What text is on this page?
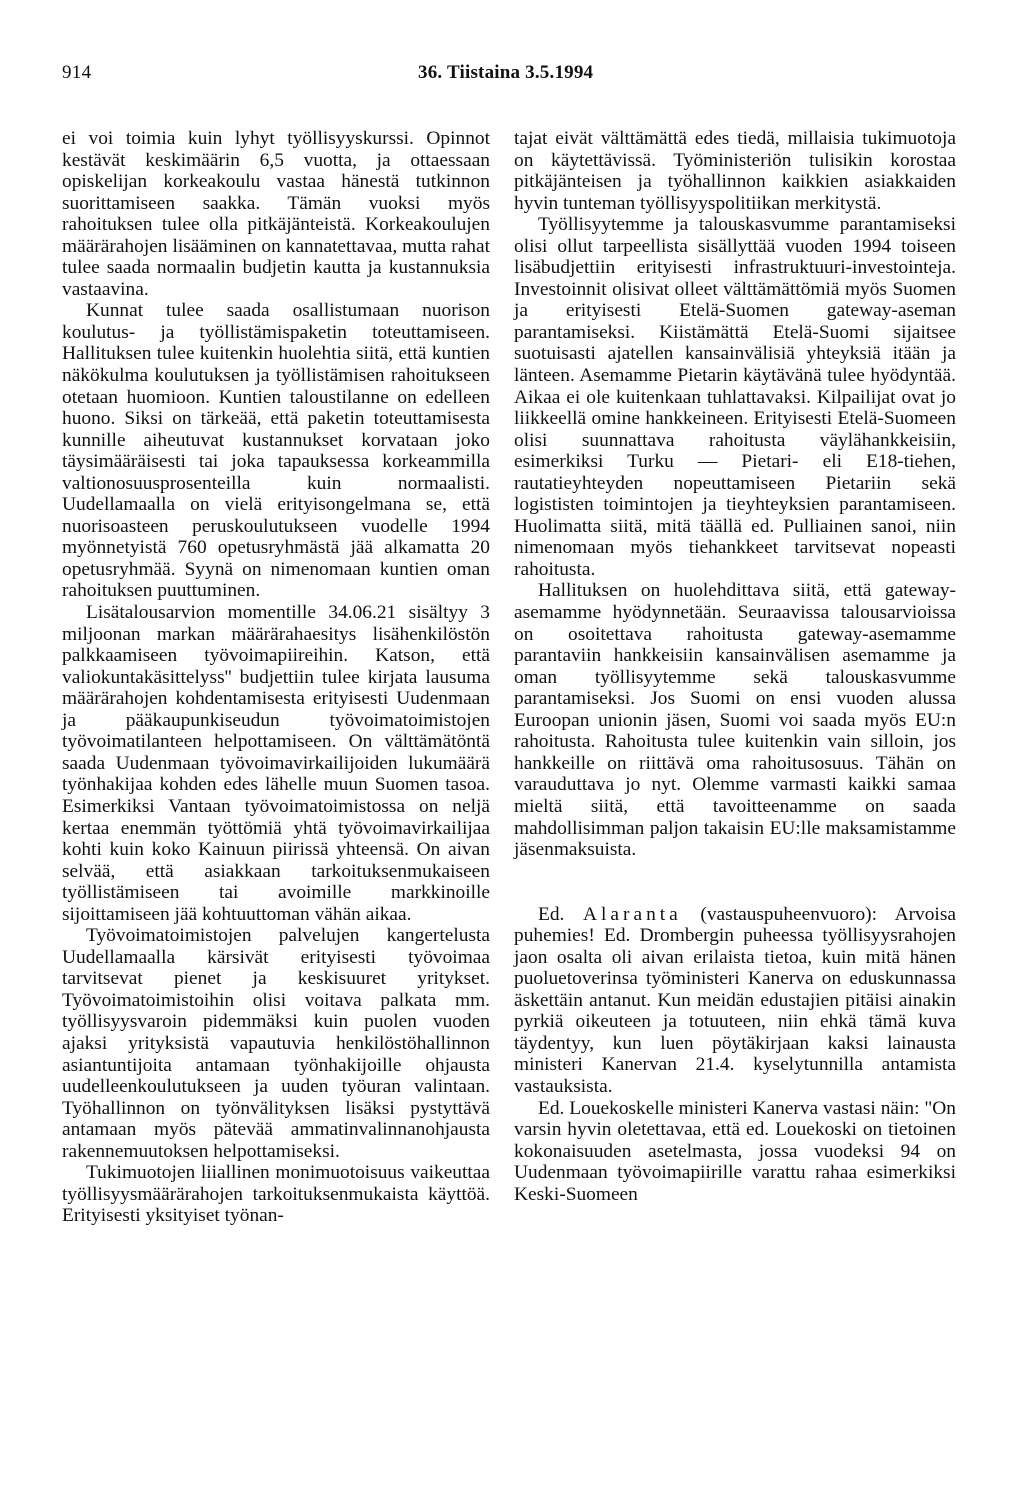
914	36. Tiistaina 3.5.1994

ei voi toimia kuin lyhyt työllisyyskurssi. Opinnot kestävät keskimäärin 6,5 vuotta, ja ottaessaan opiskelijan korkeakoulu vastaa hänestä tutkinnon suorittamiseen saakka. Tämän vuoksi myös rahoituksen tulee olla pitkäjänteistä. Korkeakoulujen määrärahojen lisääminen on kannatettavaa, mutta rahat tulee saada normaalin budjetin kautta ja kustannuksia vastaavina.

Kunnat tulee saada osallistumaan nuorison koulutus- ja työllistämispaketin toteuttamiseen. Hallituksen tulee kuitenkin huolehtia siitä, että kuntien näkökulma koulutuksen ja työllistämisen rahoitukseen otetaan huomioon. Kuntien taloustilanne on edelleen huono. Siksi on tärkeää, että paketin toteuttamisesta kunnille aiheutuvat kustannukset korvataan joko täysimääräisesti tai joka tapauksessa korkeammilla valtionosuusprosenteilla kuin normaalisti. Uudellamaalla on vielä erityisongelmana se, että nuorisoasteen peruskoulutukseen vuodelle 1994 myönnetyistä 760 opetusryhmästä jää alkamatta 20 opetusryhmää. Syynä on nimenomaan kuntien oman rahoituksen puuttuminen.

Lisätalousarvion momentille 34.06.21 sisältyy 3 miljoonan markan määrärahaesitys lisähenkilöstön palkkaamiseen työvoimapiireihin. Katson, että valiokuntakäsittelyss'' budjettiin tulee kirjata lausuma määrärahojen kohdentamisesta erityisesti Uudenmaan ja pääkaupunkiseudun työvoimatoimistojen työvoimatilanteen helpottamiseen. On välttämätöntä saada Uudenmaan työvoimavirkailijoiden lukumäärä työnhakijaa kohden edes lähelle muun Suomen tasoa. Esimerkiksi Vantaan työvoimatoimistossa on neljä kertaa enemmän työttömiä yhtä työvoimavirkailijaa kohti kuin koko Kainuun piirissä yhteensä. On aivan selvää, että asiakkaan tarkoituksenmukaiseen työllistämiseen tai avoimille markkinoille sijoittamiseen jää kohtuuttoman vähän aikaa.

Työvoimatoimistojen palvelujen kangertelusta Uudellamaalla kärsivät erityisesti työvoimaa tarvitsevat pienet ja keskisuuret yritykset. Työvoimatoimistoihin olisi voitava palkata mm. työllisyysvaroin pidemmäksi kuin puolen vuoden ajaksi yrityksistä vapautuvia henkilöstöhallinnon asiantuntijoita antamaan työnhakijoille ohjausta uudelleenkoulutukseen ja uuden työuran valintaan. Työhallinnon on työnvälityksen lisäksi pystyttävä antamaan myös pätevää ammatinvalinnanohjausta rakennemuutoksen helpottamiseksi.

Tukimuotojen liiallinen monimuotoisuus vaikeuttaa työllisyysmäärärahojen tarkoituksenmukaista käyttöä. Erityisesti yksityiset työnan-

tajat eivät välttämättä edes tiedä, millaisia tukimuotoja on käytettävissä. Työministeriön tulisikin korostaa pitkäjänteisen ja työhallinnon kaikkien asiakkaiden hyvin tunteman työllisyyspolitiikan merkitystä.

Työllisyytemme ja talouskasvumme parantamiseksi olisi ollut tarpeellista sisällyttää vuoden 1994 toiseen lisäbudjettiin erityisesti infrastruktuuri-investointeja. Investoinnit olisivat olleet välttämättömiä myös Suomen ja erityisesti Etelä-Suomen gateway-aseman parantamiseksi. Kiistämättä Etelä-Suomi sijaitsee suotuisasti ajatellen kansainvälisiä yhteyksiä itään ja länteen. Asemamme Pietarin käytävänä tulee hyödyntää. Aikaa ei ole kuitenkaan tuhlattavaksi. Kilpailijat ovat jo liikkeellä omine hankkeineen. Erityisesti Etelä-Suomeen olisi suunnattava rahoitusta väylähankkeisiin, esimerkiksi Turku — Pietari- eli E18-tiehen, rautatieyhteyden nopeuttamiseen Pietariin sekä logististen toimintojen ja tieyhteyksien parantamiseen. Huolimatta siitä, mitä täällä ed. Pulliainen sanoi, niin nimenomaan myös tiehankkeet tarvitsevat nopeasti rahoitusta.

Hallituksen on huolehdittava siitä, että gateway-asemamme hyödynnetään. Seuraavissa talousarvioissa on osoitettava rahoitusta gateway-asemamme parantaviin hankkeisiin kansainvälisen asemamme ja oman työllisyytemme sekä talouskasvumme parantamiseksi. Jos Suomi on ensi vuoden alussa Euroopan unionin jäsen, Suomi voi saada myös EU:n rahoitusta. Rahoitusta tulee kuitenkin vain silloin, jos hankkeille on riittävä oma rahoitusosuus. Tähän on varauduttava jo nyt. Olemme varmasti kaikki samaa mieltä siitä, että tavoitteenamme on saada mahdollisimman paljon takaisin EU:lle maksamistamme jäsenmaksuista.

Ed. Alaranta (vastauspuheenvuoro): Arvoisa puhemies! Ed. Drombergin puheessa työllisyysrahojen jaon osalta oli aivan erilaista tietoa, kuin mitä hänen puoluetoverinsa työministeri Kanerva on eduskunnassa äskettäin antanut. Kun meidän edustajien pitäisi ainakin pyrkiä oikeuteen ja totuuteen, niin ehkä tämä kuva täydentyy, kun luen pöytäkirjaan kaksi lainausta ministeri Kanervan 21.4. kyselytunnilla antamista vastauksista.

Ed. Louekoskelle ministeri Kanerva vastasi näin: "On varsin hyvin oletettavaa, että ed. Louekoski on tietoinen kokonaisuuden asetelmasta, jossa vuodeksi 94 on Uudenmaan työvoimapiirille varattu rahaa esimerkiksi Keski-Suomeen
